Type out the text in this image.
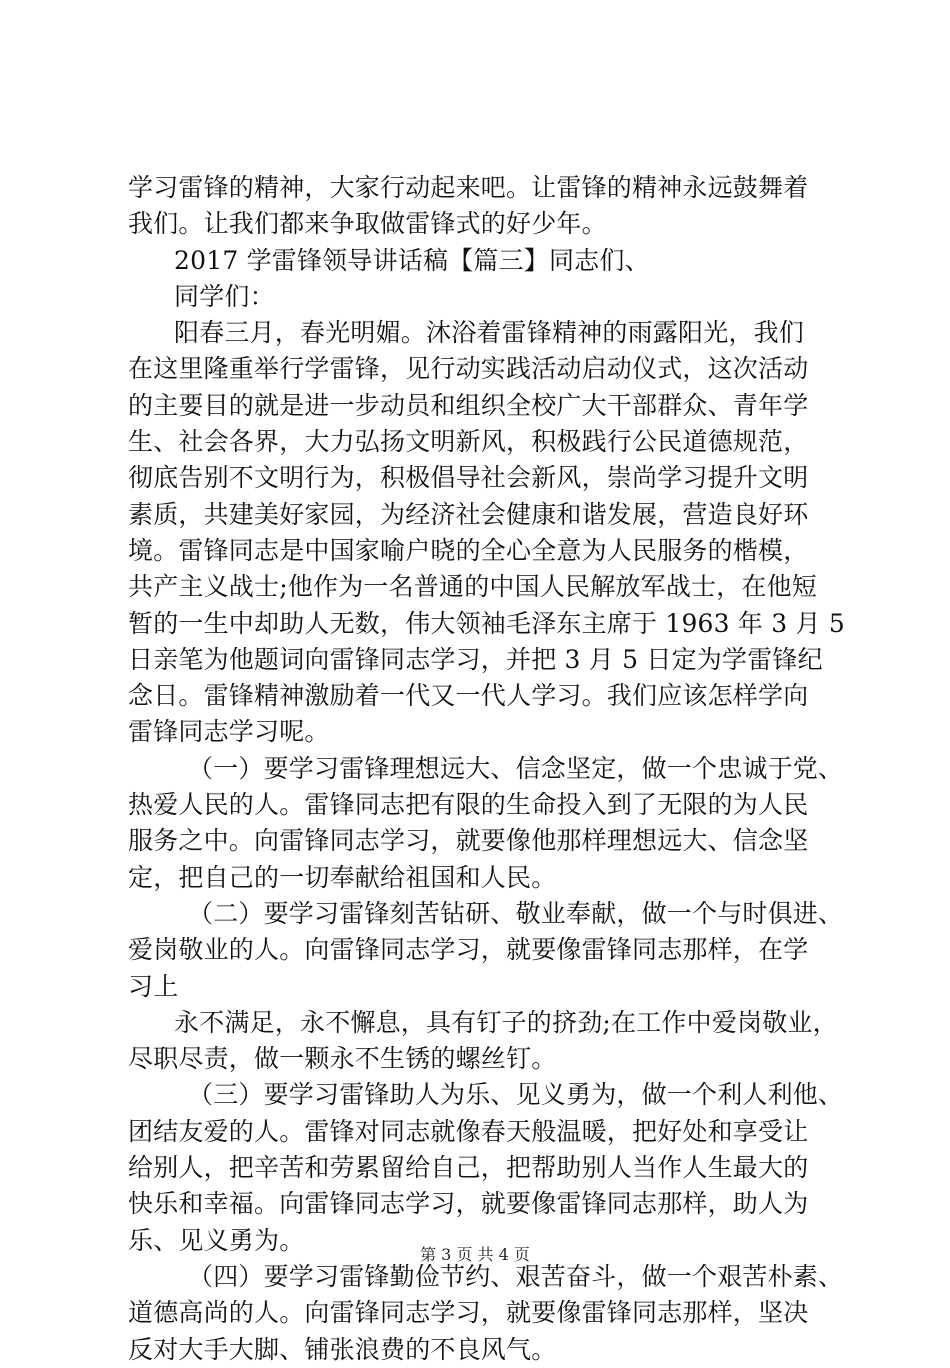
学习雷锋的精神，大家行动起来吧。让雷锋的精神永远鼓舞着
我们。让我们都来争取做雷锋式的好少年。
2017 学雷锋领导讲话稿【篇三】同志们、
同学们：
阳春三月，春光明媚。沐浴着雷锋精神的雨露阳光，我们
在这里隆重举行学雷锋，见行动实践活动启动仪式，这次活动
的主要目的就是进一步动员和组织全校广大干部群众、青年学
生、社会各界，大力弘扬文明新风，积极践行公民道德规范，
彻底告别不文明行为，积极倡导社会新风，崇尚学习提升文明
素质，共建美好家园，为经济社会健康和谐发展，营造良好环
境。雷锋同志是中国家喻户晓的全心全意为人民服务的楷模，
共产主义战士;他作为一名普通的中国人民解放军战士，在他短
暂的一生中却助人无数，伟大领袖毛泽东主席于 1963 年 3 月 5
日亲笔为他题词向雷锋同志学习，并把 3 月 5 日定为学雷锋纪
念日。雷锋精神激励着一代又一代人学习。我们应该怎样学向
雷锋同志学习呢。
（一）要学习雷锋理想远大、信念坚定，做一个忠诚于党、
热爱人民的人。雷锋同志把有限的生命投入到了无限的为人民
服务之中。向雷锋同志学习，就要像他那样理想远大、信念坚
定，把自己的一切奉献给祖国和人民。
（二）要学习雷锋刻苦钻研、敬业奉献，做一个与时俱进、
爱岗敬业的人。向雷锋同志学习，就要像雷锋同志那样，在学
习上
永不满足，永不懈息，具有钉子的挤劲;在工作中爱岗敬业，
尽职尽责，做一颗永不生锈的螺丝钉。
（三）要学习雷锋助人为乐、见义勇为，做一个利人利他、
团结友爱的人。雷锋对同志就像春天般温暖，把好处和享受让
给别人，把辛苦和劳累留给自己，把帮助别人当作人生最大的
快乐和幸福。向雷锋同志学习，就要像雷锋同志那样，助人为
乐、见义勇为。
（四）要学习雷锋勤俭节约、艰苦奋斗，做一个艰苦朴素、
道德高尚的人。向雷锋同志学习，就要像雷锋同志那样，坚决
反对大手大脚、铺张浪费的不良风气。
第 3 页 共 4 页
